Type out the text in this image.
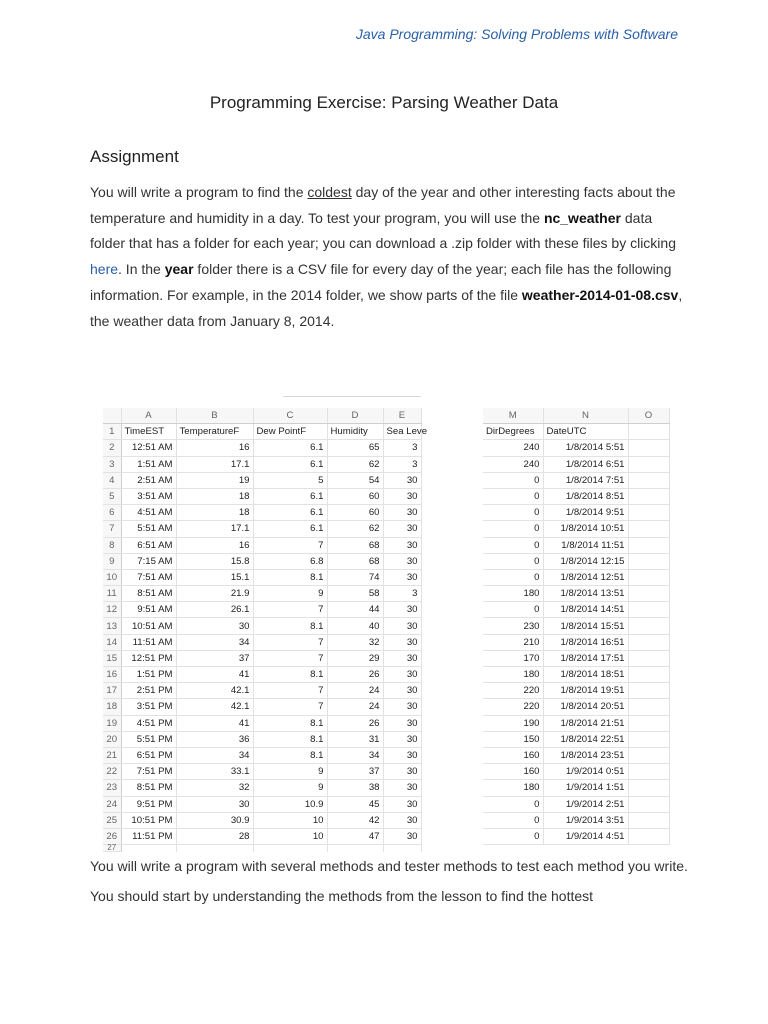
Java Programming: Solving Problems with Software
Programming Exercise: Parsing Weather Data
Assignment
You will write a program to find the coldest day of the year and other interesting facts about the temperature and humidity in a day. To test your program, you will use the nc_weather data folder that has a folder for each year; you can download a .zip folder with these files by clicking here. In the year folder there is a CSV file for every day of the year; each file has the following information. For example, in the 2014 folder, we show parts of the file weather-2014-01-08.csv, the weather data from January 8, 2014.
	A	B	C	D	E
1	TimeEST	TemperatureF	Dew PointF	Humidity	Sea Leve
2	12:51 AM	16	6.1	65	3
3	1:51 AM	17.1	6.1	62	3
4	2:51 AM	19	5	54	30
5	3:51 AM	18	6.1	60	30
6	4:51 AM	18	6.1	60	30
7	5:51 AM	17.1	6.1	62	30
8	6:51 AM	16	7	68	30
9	7:15 AM	15.8	6.8	68	30
10	7:51 AM	15.1	8.1	74	30
11	8:51 AM	21.9	9	58	3
12	9:51 AM	26.1	7	44	30
13	10:51 AM	30	8.1	40	30
14	11:51 AM	34	7	32	30
15	12:51 PM	37	7	29	30
16	1:51 PM	41	8.1	26	30
17	2:51 PM	42.1	7	24	30
18	3:51 PM	42.1	7	24	30
19	4:51 PM	41	8.1	26	30
20	5:51 PM	36	8.1	31	30
21	6:51 PM	34	8.1	34	30
22	7:51 PM	33.1	9	37	30
23	8:51 PM	32	9	38	30
24	9:51 PM	30	10.9	45	30
25	10:51 PM	30.9	10	42	30
26	11:51 PM	28	10	47	30
27					
M	N	O
DirDegrees	DateUTC	
240	1/8/2014 5:51	
240	1/8/2014 6:51	
0	1/8/2014 7:51	
0	1/8/2014 8:51	
0	1/8/2014 9:51	
0	1/8/2014 10:51	
0	1/8/2014 11:51	
0	1/8/2014 12:15	
0	1/8/2014 12:51	
180	1/8/2014 13:51	
0	1/8/2014 14:51	
230	1/8/2014 15:51	
210	1/8/2014 16:51	
170	1/8/2014 17:51	
180	1/8/2014 18:51	
220	1/8/2014 19:51	
220	1/8/2014 20:51	
190	1/8/2014 21:51	
150	1/8/2014 22:51	
160	1/8/2014 23:51	
160	1/9/2014 0:51	
180	1/9/2014 1:51	
0	1/9/2014 2:51	
0	1/9/2014 3:51	
0	1/9/2014 4:51	
You will write a program with several methods and tester methods to test each method you write. You should start by understanding the methods from the lesson to find the hottest
